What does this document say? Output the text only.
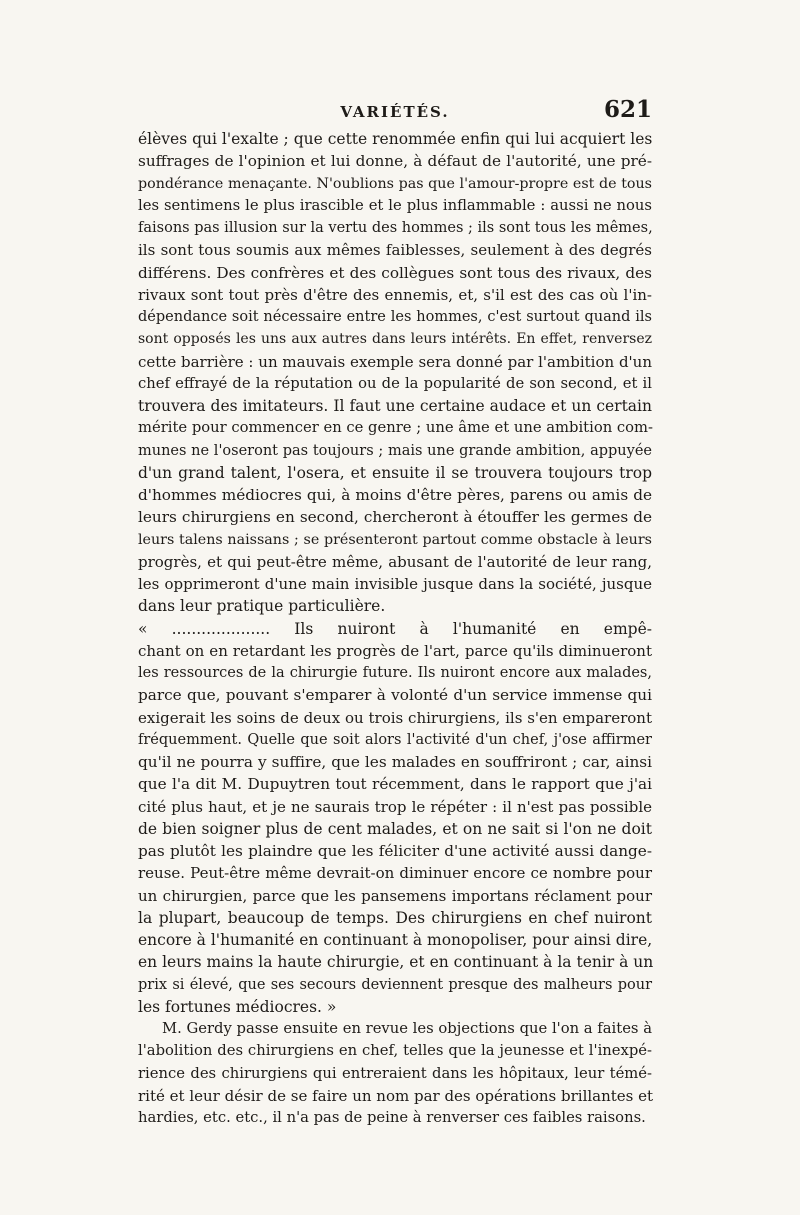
VARIÉTÉS.	621
élèves qui l'exalte ; que cette renommée enfin qui lui acquiert les
suffrages de l'opinion et lui donne, à défaut de l'autorité, une pré-
pondérance menaçante. N'oublions pas que l'amour-propre est de tous
les sentimens le plus irascible et le plus inflammable : aussi ne nous
faisons pas illusion sur la vertu des hommes ; ils sont tous les mêmes,
ils sont tous soumis aux mêmes faiblesses, seulement à des degrés
différens. Des confrères et des collègues sont tous des rivaux, des
rivaux sont tout près d'être des ennemis, et, s'il est des cas où l'in-
dépendance soit nécessaire entre les hommes, c'est surtout quand ils
sont opposés les uns aux autres dans leurs intérêts. En effet, renversez
cette barrière : un mauvais exemple sera donné par l'ambition d'un
chef effrayé de la réputation ou de la popularité de son second, et il
trouvera des imitateurs. Il faut une certaine audace et un certain
mérite pour commencer en ce genre ; une âme et une ambition com-
munes ne l'oseront pas toujours ; mais une grande ambition, appuyée
d'un grand talent, l'osera, et ensuite il se trouvera toujours trop
d'hommes médiocres qui, à moins d'être pères, parens ou amis de
leurs chirurgiens en second, chercheront à étouffer les germes de
leurs talens naissans ; se présenteront partout comme obstacle à leurs
progrès, et qui peut-être même, abusant de l'autorité de leur rang,
les opprimeront d'une main invisible jusque dans la société, jusque
dans leur pratique particulière.
« .................... Ils nuiront à l'humanité en empê-
chant on en retardant les progrès de l'art, parce qu'ils diminueront
les ressources de la chirurgie future. Ils nuiront encore aux malades,
parce que, pouvant s'emparer à volonté d'un service immense qui
exigerait les soins de deux ou trois chirurgiens, ils s'en empareront
fréquemment. Quelle que soit alors l'activité d'un chef, j'ose affirmer
qu'il ne pourra y suffire, que les malades en souffriront ; car, ainsi
que l'a dit M. Dupuytren tout récemment, dans le rapport que j'ai
cité plus haut, et je ne saurais trop le répéter : il n'est pas possible
de bien soigner plus de cent malades, et on ne sait si l'on ne doit
pas plutôt les plaindre que les féliciter d'une activité aussi dange-
reuse. Peut-être même devrait-on diminuer encore ce nombre pour
un chirurgien, parce que les pansemens importans réclament pour
la plupart, beaucoup de temps. Des chirurgiens en chef nuiront
encore à l'humanité en continuant à monopoliser, pour ainsi dire,
en leurs mains la haute chirurgie, et en continuant à la tenir à un
prix si élevé, que ses secours deviennent presque des malheurs pour
les fortunes médiocres. »
M. Gerdy passe ensuite en revue les objections que l'on a faites à
l'abolition des chirurgiens en chef, telles que la jeunesse et l'inexpé-
rience des chirurgiens qui entreraient dans les hôpitaux, leur témé-
rité et leur désir de se faire un nom par des opérations brillantes et
hardies, etc. etc., il n'a pas de peine à renverser ces faibles raisons.
